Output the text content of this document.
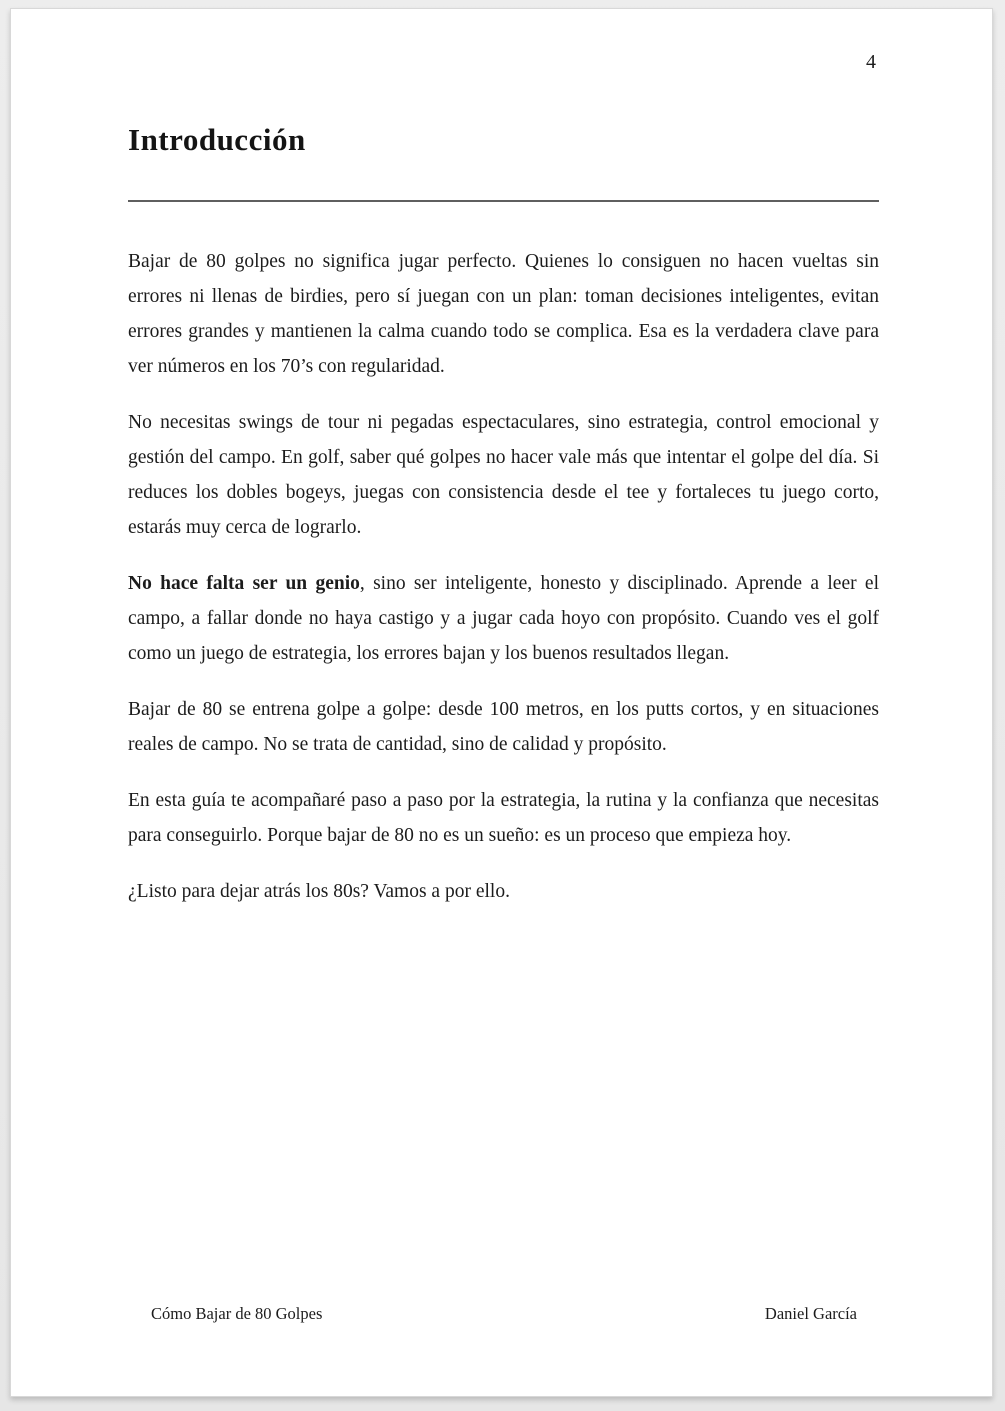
4
Introducción

Bajar de 80 golpes no significa jugar perfecto. Quienes lo consiguen no hacen vueltas sin errores ni llenas de birdies, pero sí juegan con un plan: toman decisiones inteligentes, evitan errores grandes y mantienen la calma cuando todo se complica. Esa es la verdadera clave para ver números en los 70’s con regularidad.

No necesitas swings de tour ni pegadas espectaculares, sino estrategia, control emocional y gestión del campo. En golf, saber qué golpes no hacer vale más que intentar el golpe del día. Si reduces los dobles bogeys, juegas con consistencia desde el tee y fortaleces tu juego corto, estarás muy cerca de lograrlo.

No hace falta ser un genio, sino ser inteligente, honesto y disciplinado. Aprende a leer el campo, a fallar donde no haya castigo y a jugar cada hoyo con propósito. Cuando ves el golf como un juego de estrategia, los errores bajan y los buenos resultados llegan.

Bajar de 80 se entrena golpe a golpe: desde 100 metros, en los putts cortos, y en situaciones reales de campo. No se trata de cantidad, sino de calidad y propósito.

En esta guía te acompañaré paso a paso por la estrategia, la rutina y la confianza que necesitas para conseguirlo. Porque bajar de 80 no es un sueño: es un proceso que empieza hoy.

¿Listo para dejar atrás los 80s? Vamos a por ello.

Cómo Bajar de 80 Golpes	Daniel García
